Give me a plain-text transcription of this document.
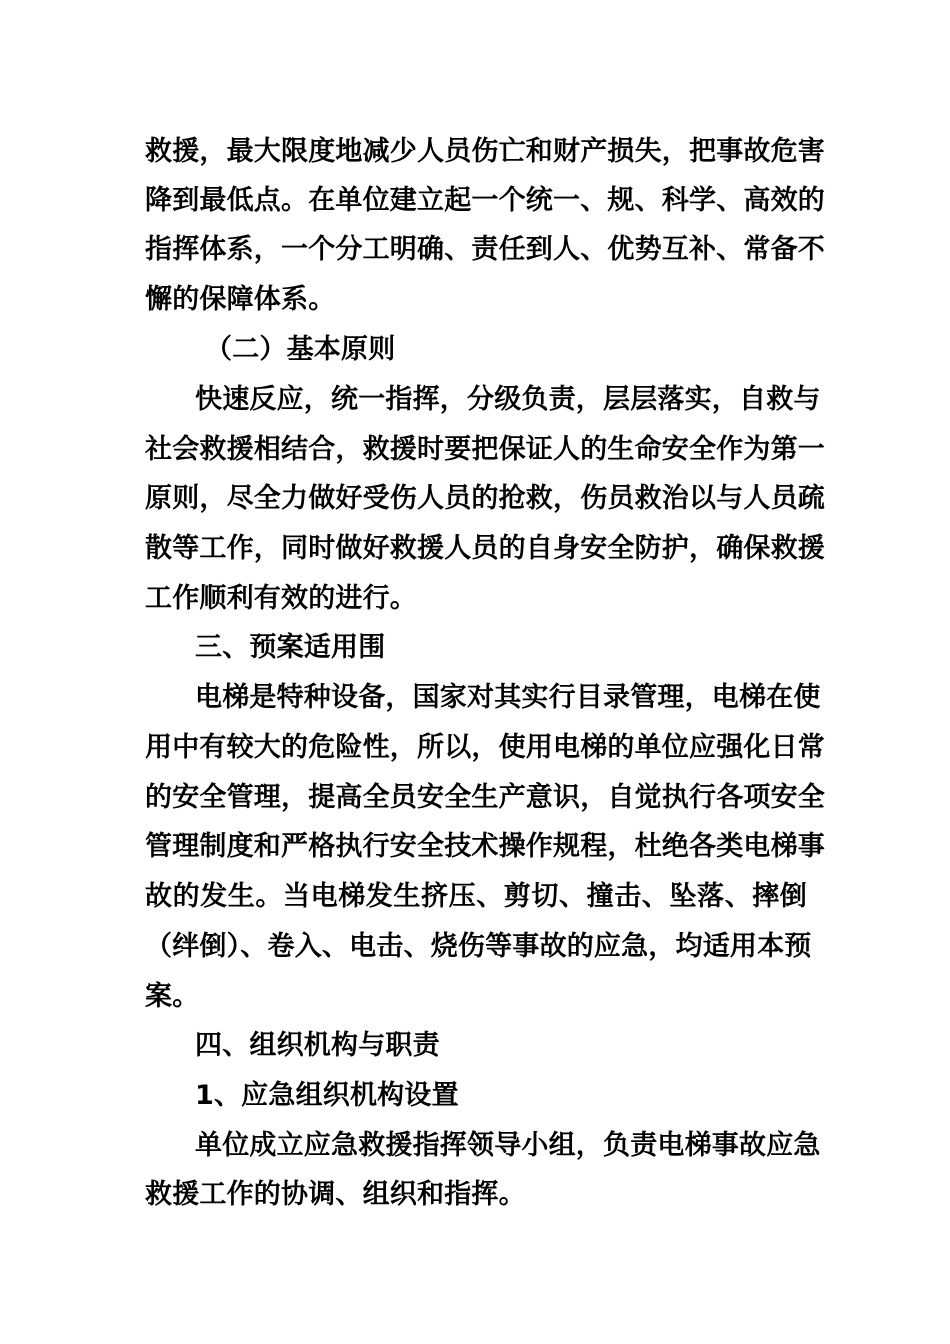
救援，最大限度地减少人员伤亡和财产损失，把事故危害
降到最低点。在单位建立起一个统一、规、科学、高效的
指挥体系，一个分工明确、责任到人、优势互补、常备不
懈的保障体系。
（二）基本原则
快速反应，统一指挥，分级负责，层层落实，自救与
社会救援相结合，救援时要把保证人的生命安全作为第一
原则，尽全力做好受伤人员的抢救，伤员救治以与人员疏
散等工作，同时做好救援人员的自身安全防护，确保救援
工作顺利有效的进行。
三、预案适用围
电梯是特种设备，国家对其实行目录管理，电梯在使
用中有较大的危险性，所以，使用电梯的单位应强化日常
的安全管理，提高全员安全生产意识，自觉执行各项安全
管理制度和严格执行安全技术操作规程，杜绝各类电梯事
故的发生。当电梯发生挤压、剪切、撞击、坠落、摔倒
（绊倒）、卷入、电击、烧伤等事故的应急，均适用本预
案。
四、组织机构与职责
1、应急组织机构设置
单位成立应急救援指挥领导小组，负责电梯事故应急
救援工作的协调、组织和指挥。
